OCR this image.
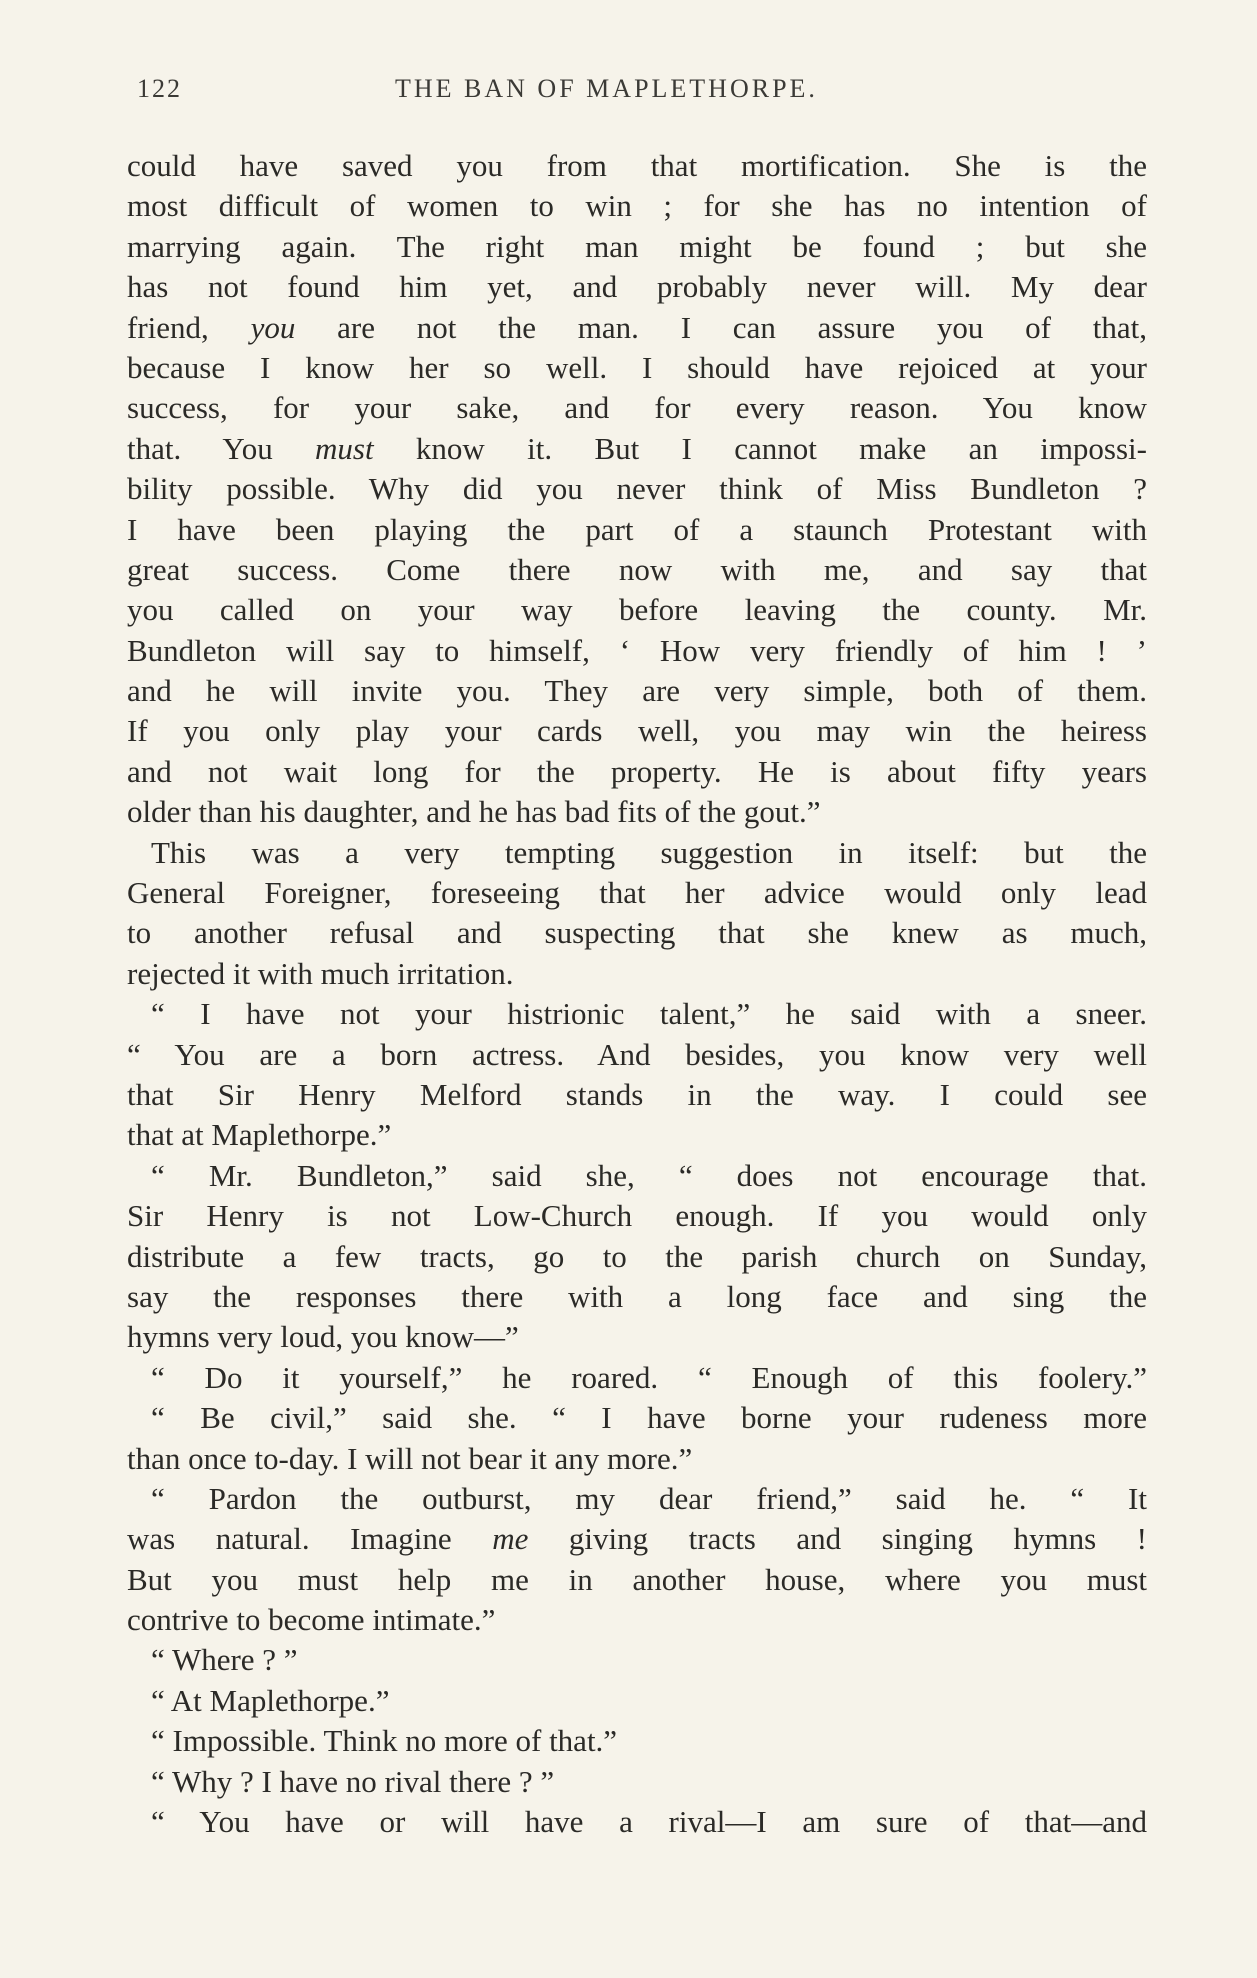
122	THE BAN OF MAPLETHORPE.
could have saved you from that mortification. She is the
most difficult of women to win ; for she has no intention of
marrying again. The right man might be found ; but she
has not found him yet, and probably never will. My dear
friend, you are not the man. I can assure you of that,
because I know her so well. I should have rejoiced at your
success, for your sake, and for every reason. You know
that. You must know it. But I cannot make an impossi-
bility possible. Why did you never think of Miss Bundleton ?
I have been playing the part of a staunch Protestant with
great success. Come there now with me, and say that
you called on your way before leaving the county. Mr.
Bundleton will say to himself, ‘ How very friendly of him ! ’
and he will invite you. They are very simple, both of them.
If you only play your cards well, you may win the heiress
and not wait long for the property. He is about fifty years
older than his daughter, and he has bad fits of the gout.”
This was a very tempting suggestion in itself: but the
General Foreigner, foreseeing that her advice would only lead
to another refusal and suspecting that she knew as much,
rejected it with much irritation.
“ I have not your histrionic talent,” he said with a sneer.
“ You are a born actress. And besides, you know very well
that Sir Henry Melford stands in the way. I could see
that at Maplethorpe.”
“ Mr. Bundleton,” said she, “ does not encourage that.
Sir Henry is not Low-Church enough. If you would only
distribute a few tracts, go to the parish church on Sunday,
say the responses there with a long face and sing the
hymns very loud, you know—”
“ Do it yourself,” he roared. “ Enough of this foolery.”
“ Be civil,” said she. “ I have borne your rudeness more
than once to-day. I will not bear it any more.”
“ Pardon the outburst, my dear friend,” said he. “ It
was natural. Imagine me giving tracts and singing hymns !
But you must help me in another house, where you must
contrive to become intimate.”
“ Where ? ”
“ At Maplethorpe.”
“ Impossible. Think no more of that.”
“ Why ? I have no rival there ? ”
“ You have or will have a rival—I am sure of that—and
